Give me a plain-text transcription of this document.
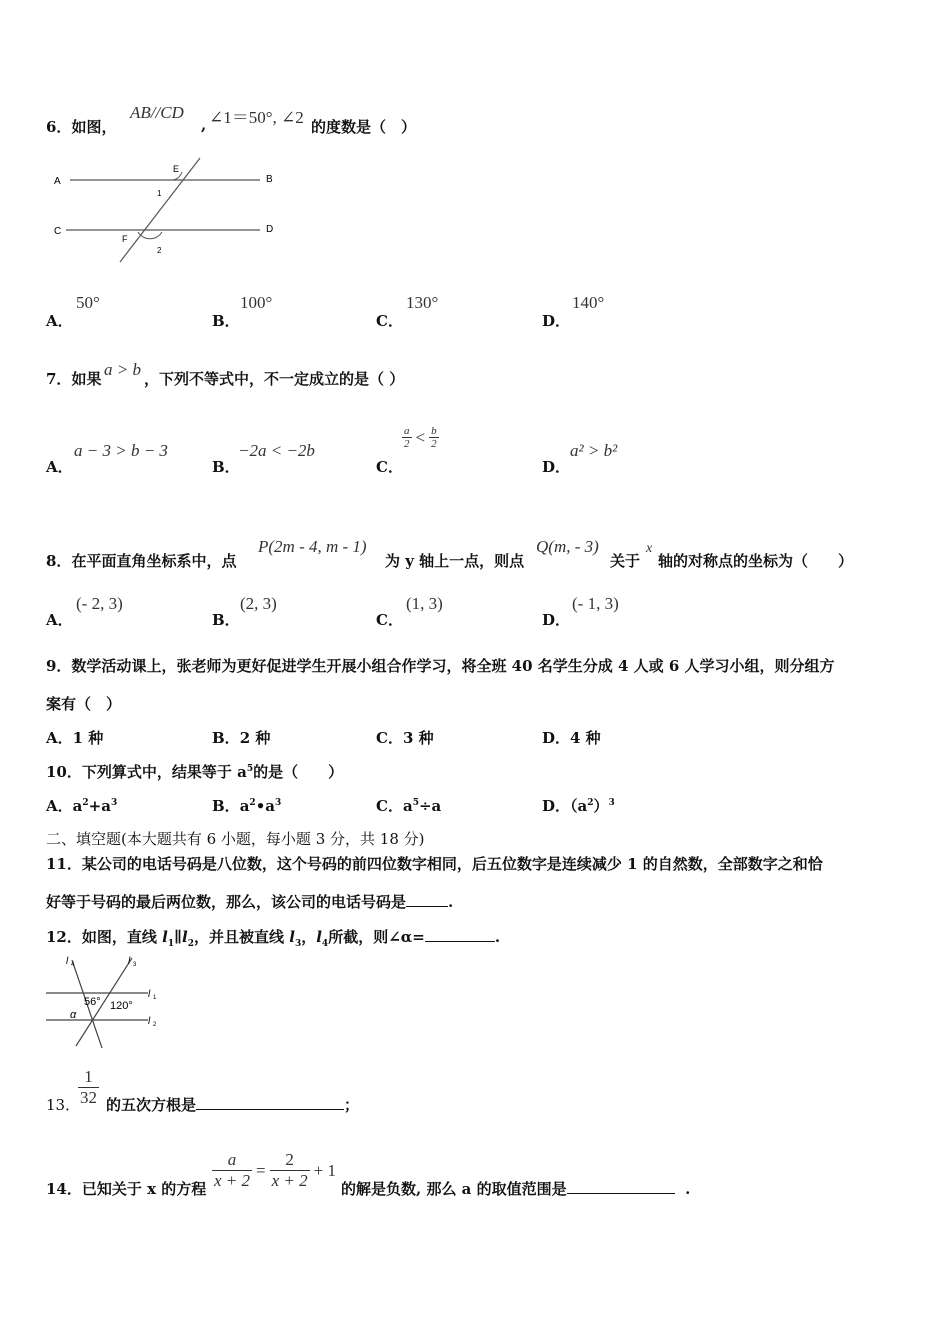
6．如图，
AB//CD
, ∠1＝50°, ∠2 的度数是（　）
A	B
C	D
E
F
1
2
A．
50°
B．
100°
C．
130°
D．
140°
7．如果 a > b ，下列不等式中，不一定成立的是（ ）
A．
a − 3 > b − 3
B．
−2a < −2b
C．
$\frac{a}{2} < \frac{b}{2}$
D．
a² > b²
8．在平面直角坐标系中，点
P(2m - 4, m - 1)
为 y 轴上一点，则点
Q(m, - 3)
关于
x
轴的对称点的坐标为（　　）
A．
(- 2, 3)
B．
(2, 3)
C．
(1, 3)
D．
(- 1, 3)
9．数学活动课上，张老师为更好促进学生开展小组合作学习，将全班 40 名学生分成 4 人或 6 人学习小组，则分组方
案有（　）
A．1 种	B．2 种	C．3 种	D．4 种
10．下列算式中，结果等于 $a^5$的是（　　）
A．$a^2+a^3$	B．$a^2•a^3$	C．$a^5\div a$	D．$(a^2)^3$
二、填空题(本大题共有 6 小题，每小题 3 分，共 18 分)
11．某公司的电话号码是八位数，这个号码的前四位数字相同，后五位数字是连续减少 1 的自然数，全部数字之和恰
好等于号码的最后两位数，那么，该公司的电话号码是	.
12．如图，直线 $l_1\parallel l_2$，并且被直线 $l_3$，$l_4$所截，则∠α=	.
l 4	l 3
l 1
l 2
56° 120°
α
13．
$\frac{1}{32}$ 的五次方根是	；
14．已知关于 x 的方程 $\frac{a}{x + 2} = \frac{2}{x + 2} + 1$
的解是负数, 那么 a 的取值范围是	.
